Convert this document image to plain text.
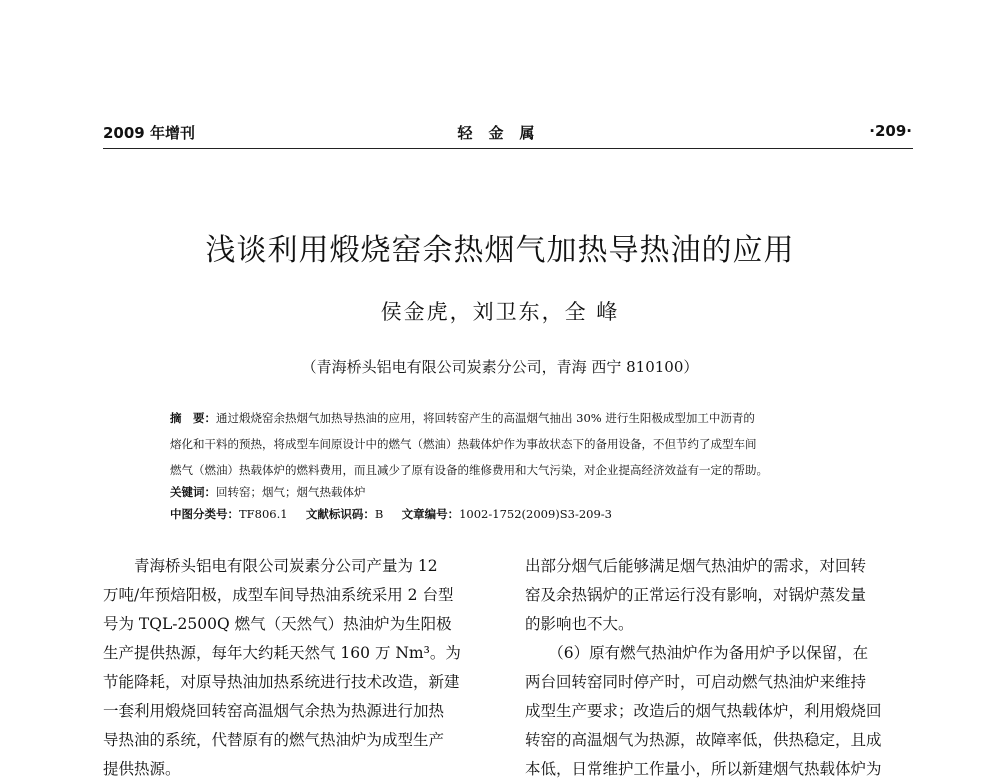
2009 年增刊	轻金属	·209·
浅谈利用煅烧窑余热烟气加热导热油的应用
侯金虎，刘卫东，全 峰
（青海桥头铝电有限公司炭素分公司，青海 西宁 810100）
摘　要：通过煅烧窑余热烟气加热导热油的应用，将回转窑产生的高温烟气抽出 30% 进行生阳极成型加工中沥青的
熔化和干料的预热，将成型车间原设计中的燃气（燃油）热载体炉作为事故状态下的备用设备，不但节约了成型车间
燃气（燃油）热载体炉的燃料费用，而且减少了原有设备的维修费用和大气污染，对企业提高经济效益有一定的帮助。
关键词：回转窑；烟气；烟气热载体炉
中图分类号：TF806.1 文献标识码：B 文章编号：1002-1752(2009)S3-209-3
　　青海桥头铝电有限公司炭素分公司产量为 12
万吨/年预焙阳极，成型车间导热油系统采用 2 台型
号为 TQL-2500Q 燃气（天然气）热油炉为生阳极
生产提供热源，每年大约耗天然气 160 万 Nm³。为
节能降耗，对原导热油加热系统进行技术改造，新建
一套利用煅烧回转窑高温烟气余热为热源进行加热
导热油的系统，代替原有的燃气热油炉为成型生产
提供热源。
出部分烟气后能够满足烟气热油炉的需求，对回转
窑及余热锅炉的正常运行没有影响，对锅炉蒸发量
的影响也不大。
　　（6）原有燃气热油炉作为备用炉予以保留，在
两台回转窑同时停产时，可启动燃气热油炉来维持
成型生产要求；改造后的烟气热载体炉，利用煅烧回
转窑的高温烟气为热源，故障率低，供热稳定，且成
本低，日常维护工作量小，所以新建烟气热载体炉为
